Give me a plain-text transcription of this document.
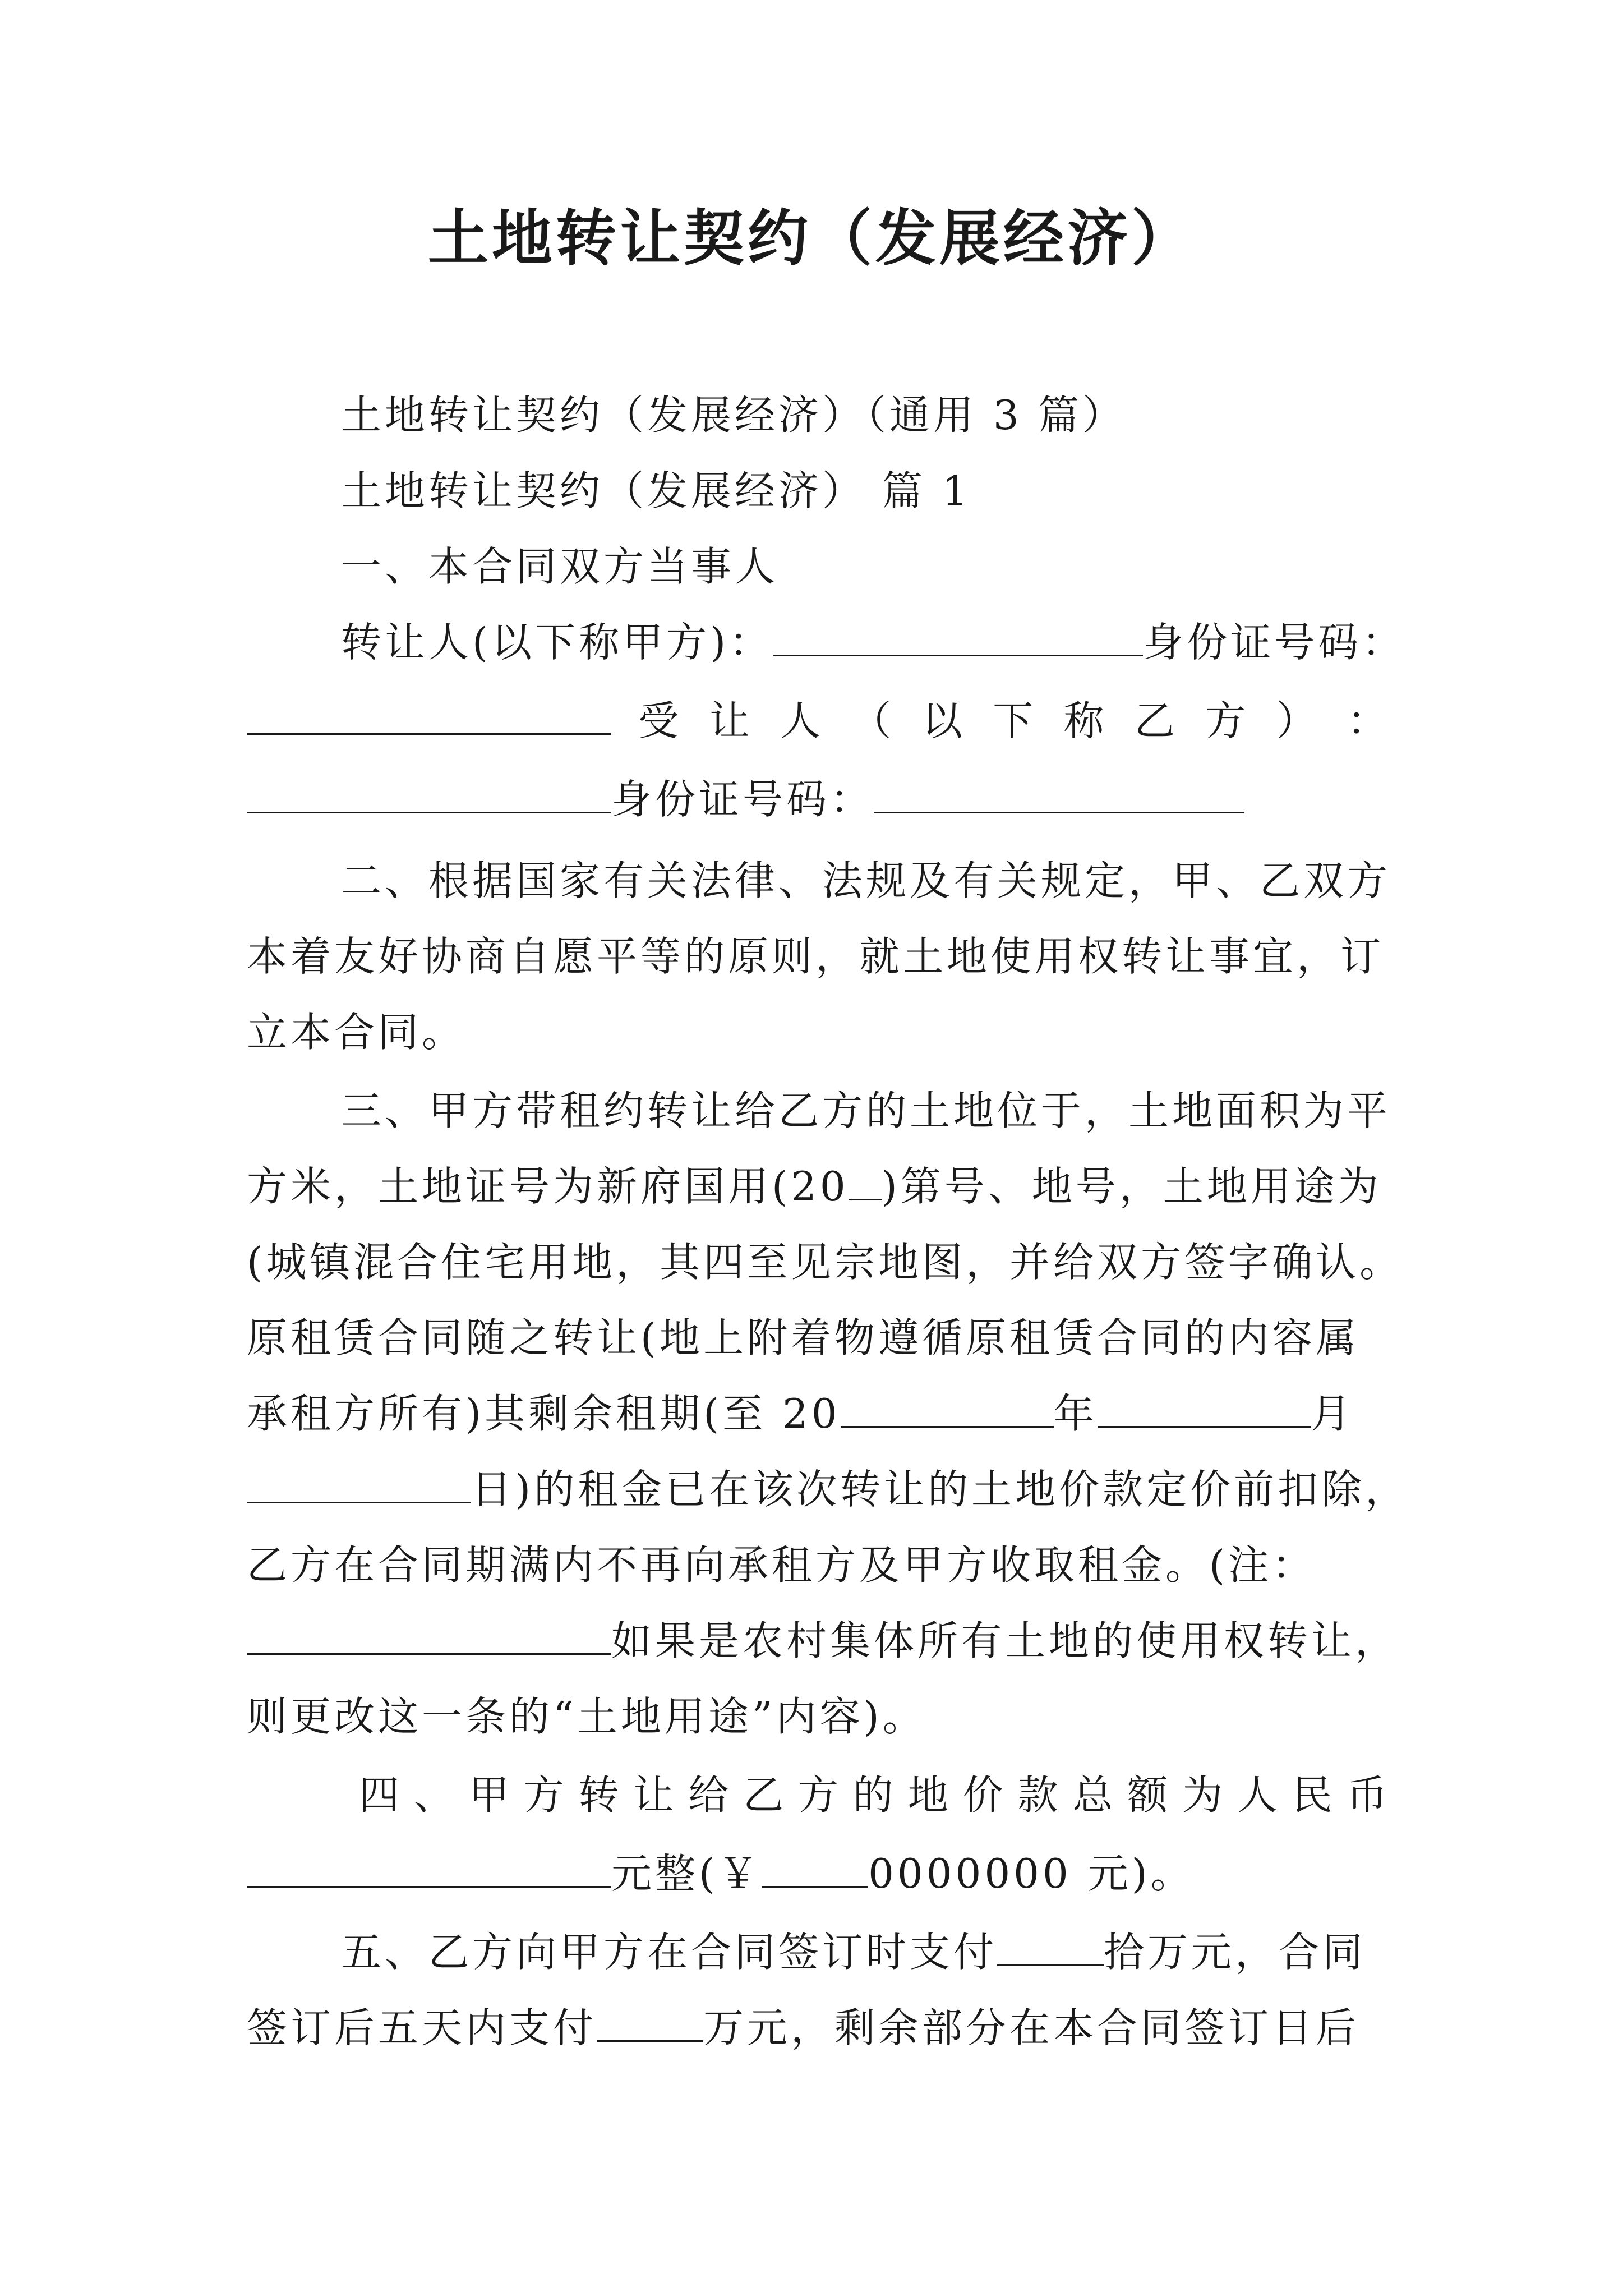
土地转让契约（发展经济）
土地转让契约（发展经济）（通用 3 篇）
土地转让契约（发展经济） 篇 1
一、本合同双方当事人
转让人(以下称甲方)：	身份证号码：
受 让 人 （ 以 下 称 乙 方 ） ：
身份证号码：
二、根据国家有关法律、法规及有关规定，甲、乙双方
本着友好协商自愿平等的原则，就土地使用权转让事宜，订
立本合同。
三、甲方带租约转让给乙方的土地位于，土地面积为平
方米，土地证号为新府国用(20 )第号、地号，土地用途为
(城镇混合住宅用地，其四至见宗地图，并给双方签字确认。
原租赁合同随之转让(地上附着物遵循原租赁合同的内容属
承租方所有)其剩余租期(至 20	年	月
日)的租金已在该次转让的土地价款定价前扣除，
乙方在合同期满内不再向承租方及甲方收取租金。(注：
如果是农村集体所有土地的使用权转让，
则更改这一条的“土地用途”内容)。
四 、 甲 方 转 让 给 乙 方 的 地 价 款 总 额 为 人 民 币
元整(￥	0000000 元)。
五、乙方向甲方在合同签订时支付	拾万元，合同
签订后五天内支付	万元，剩余部分在本合同签订日后
